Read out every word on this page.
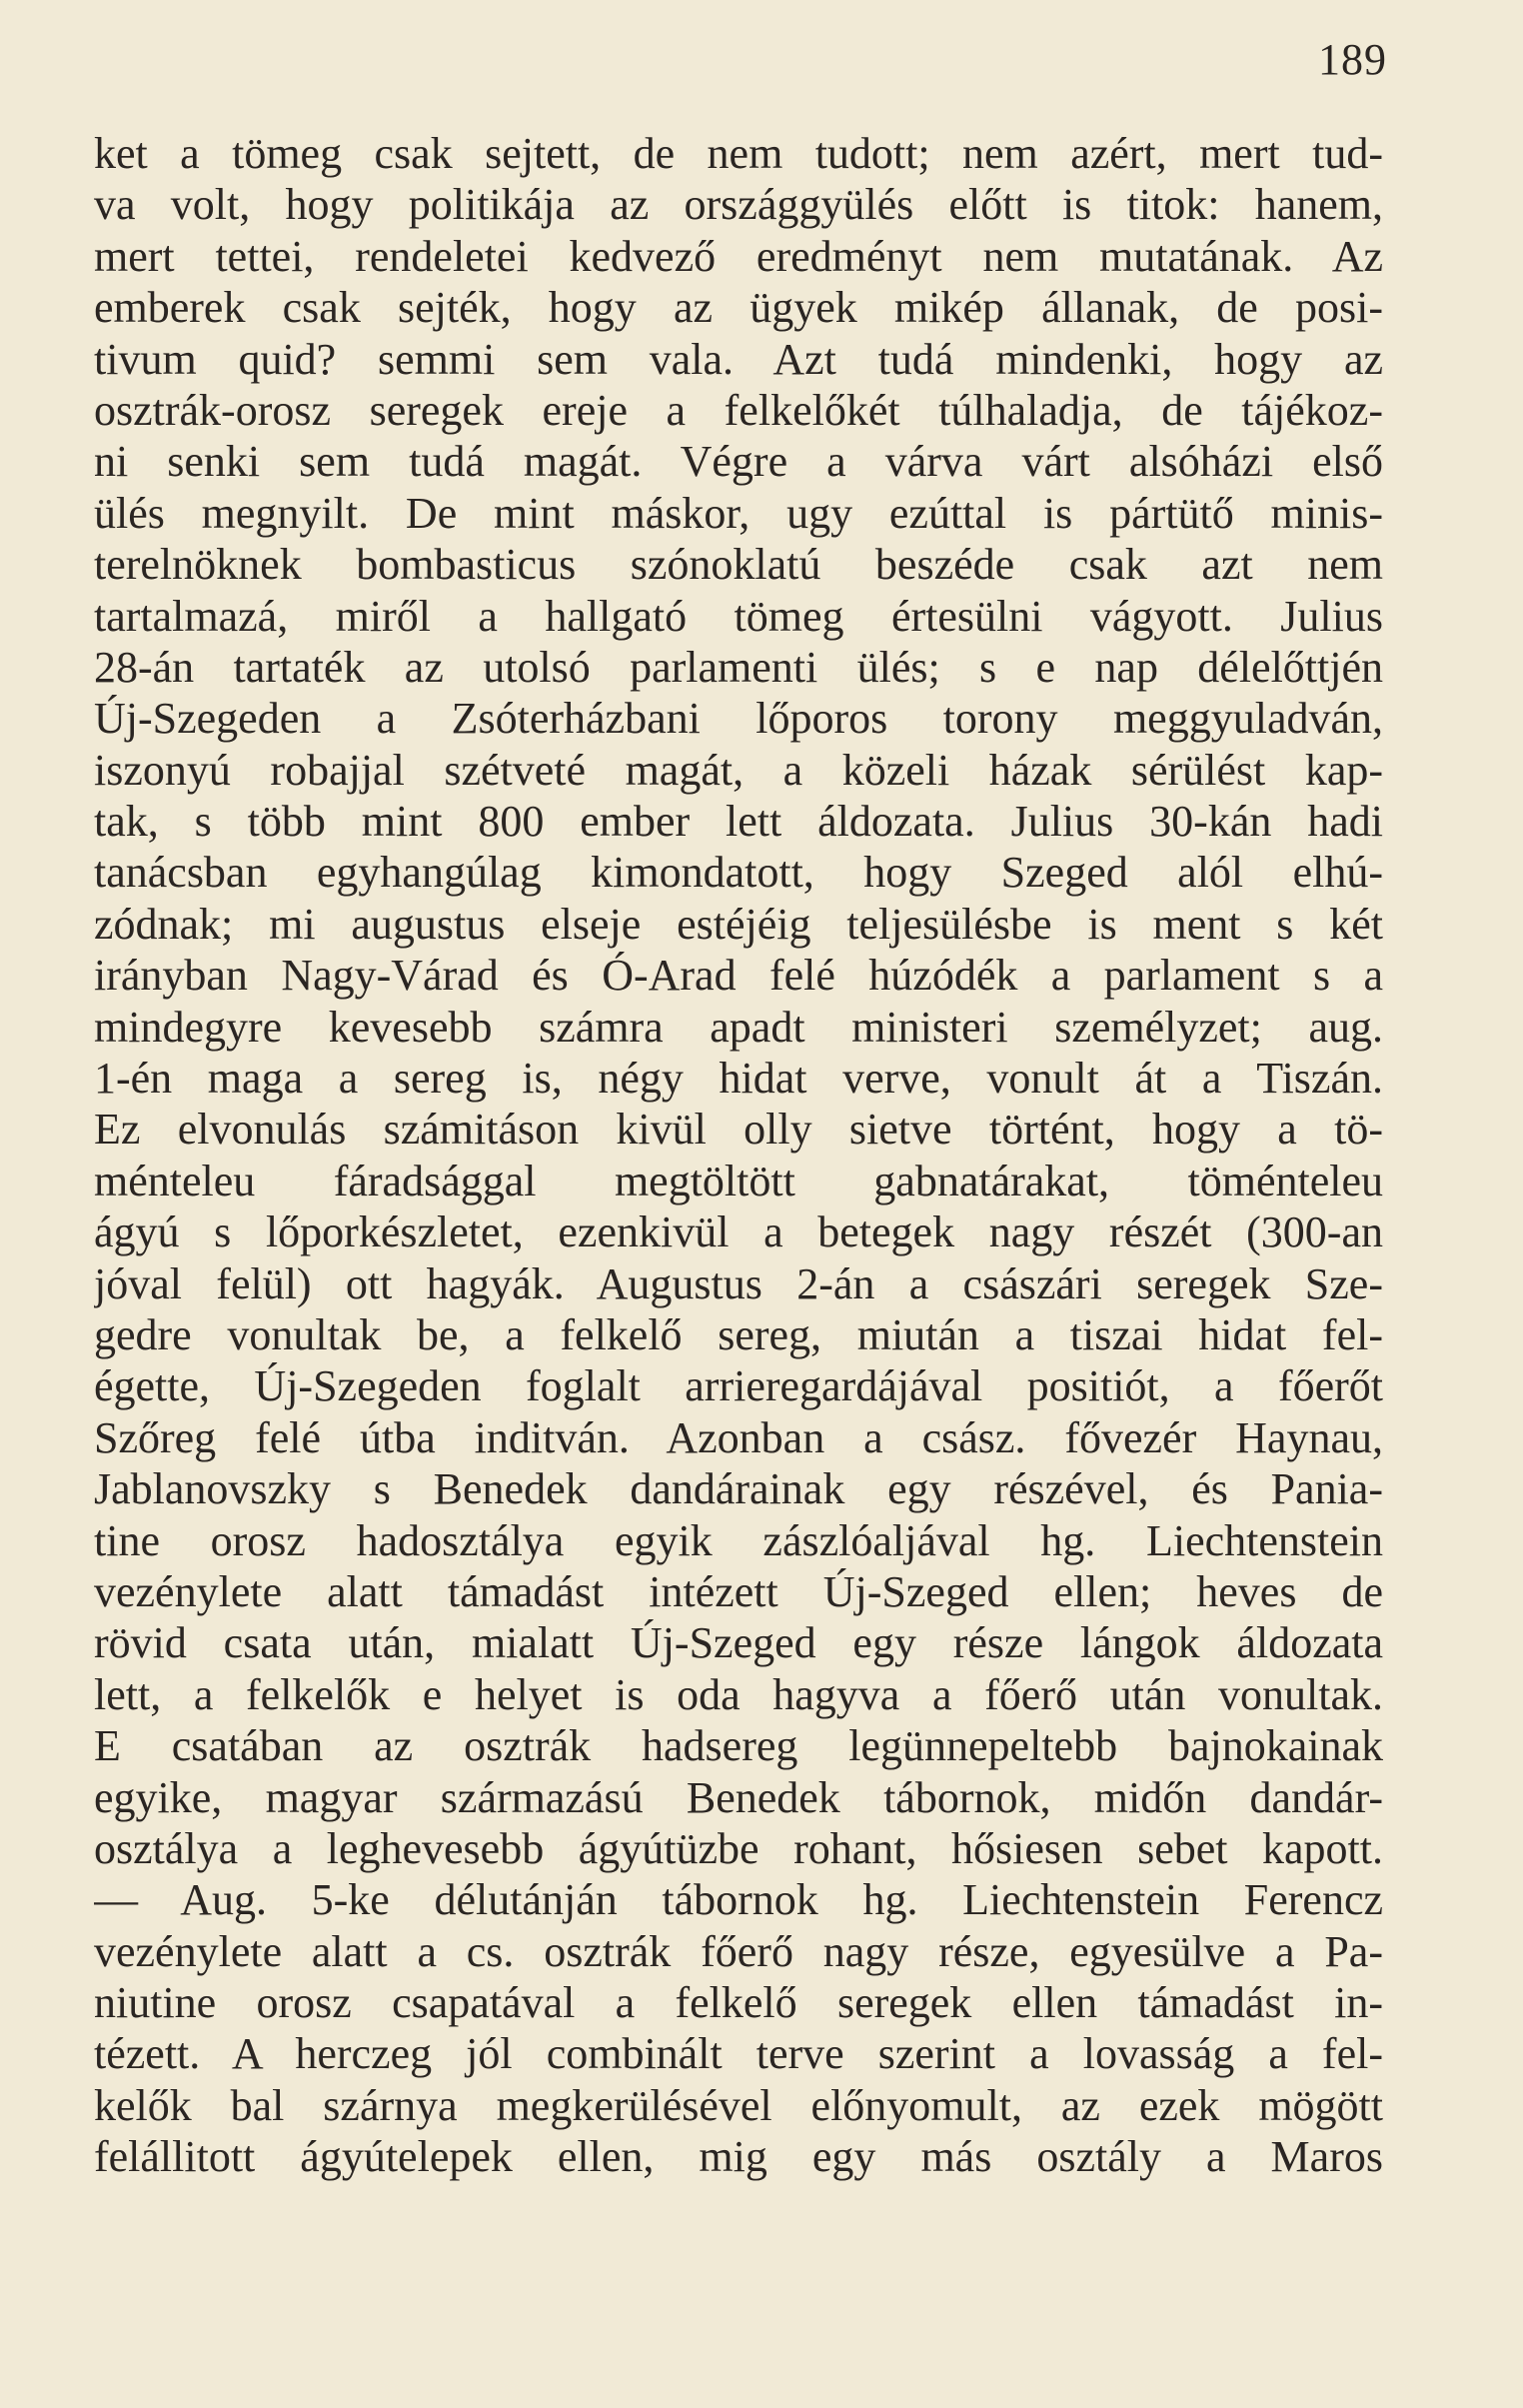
189
ket a tömeg csak sejtett, de nem tudott; nem azért, mert tud-
va volt, hogy politikája az országgyülés előtt is titok: hanem,
mert tettei, rendeletei kedvező eredményt nem mutatának. Az
emberek csak sejték, hogy az ügyek mikép állanak, de posi-
tivum quid? semmi sem vala. Azt tudá mindenki, hogy az
osztrák-orosz seregek ereje a felkelőkét túlhaladja, de tájékoz-
ni senki sem tudá magát. Végre a várva várt alsóházi első
ülés megnyilt. De mint máskor, ugy ezúttal is pártütő minis-
terelnöknek bombasticus szónoklatú beszéde csak azt nem
tartalmazá, miről a hallgató tömeg értesülni vágyott. Julius
28-án tartaték az utolsó parlamenti ülés; s e nap délelőttjén
Új-Szegeden a Zsóterházbani lőporos torony meggyuladván,
iszonyú robajjal szétveté magát, a közeli házak sérülést kap-
tak, s több mint 800 ember lett áldozata. Julius 30-kán hadi
tanácsban egyhangúlag kimondatott, hogy Szeged alól elhú-
zódnak; mi augustus elseje estéjéig teljesülésbe is ment s két
irányban Nagy-Várad és Ó-Arad felé húzódék a parlament s a
mindegyre kevesebb számra apadt ministeri személyzet; aug.
1-én maga a sereg is, négy hidat verve, vonult át a Tiszán.
Ez elvonulás számitáson kivül olly sietve történt, hogy a tö-
ménteleu fáradsággal megtöltött gabnatárakat, töménteleu
ágyú s lőporkészletet, ezenkivül a betegek nagy részét (300-an
jóval felül) ott hagyák. Augustus 2-án a császári seregek Sze-
gedre vonultak be, a felkelő sereg, miután a tiszai hidat fel-
égette, Új-Szegeden foglalt arrieregardájával positiót, a főerőt
Szőreg felé útba inditván. Azonban a csász​. fővezér Haynau,
Jablanovszky s Benedek dandárainak egy részével, és Pania-
tine orosz hadosztálya egyik zászlóaljával hg. Liechtenstein
vezénylete alatt támadást intézett Új-Szeged ellen; heves de
rövid csata után, mialatt Új-Szeged egy része lángok áldozata
lett, a felkelők e helyet is oda hagyva a főerő után vonultak.
E csatában az osztrák hadsereg legünnepeltebb bajnokainak
egyike, magyar származású Benedek tábornok, midőn dandár-
osztálya a leghevesebb ágyútüzbe rohant, hősiesen sebet kapott.
— Aug. 5-ke délutánján tábornok hg. Liechtenstein Ferencz
vezénylete alatt a cs. osztrák főerő nagy része, egyesülve a Pa-
niutine orosz csapatával a felkelő seregek ellen támadást in-
tézett. A herczeg jól combinált terve szerint a lovasság a fel-
kelők bal szárnya megkerülésével előnyomult, az ezek mögött
felállitott ágyútelepek ellen, mig egy más osztály a Maros
